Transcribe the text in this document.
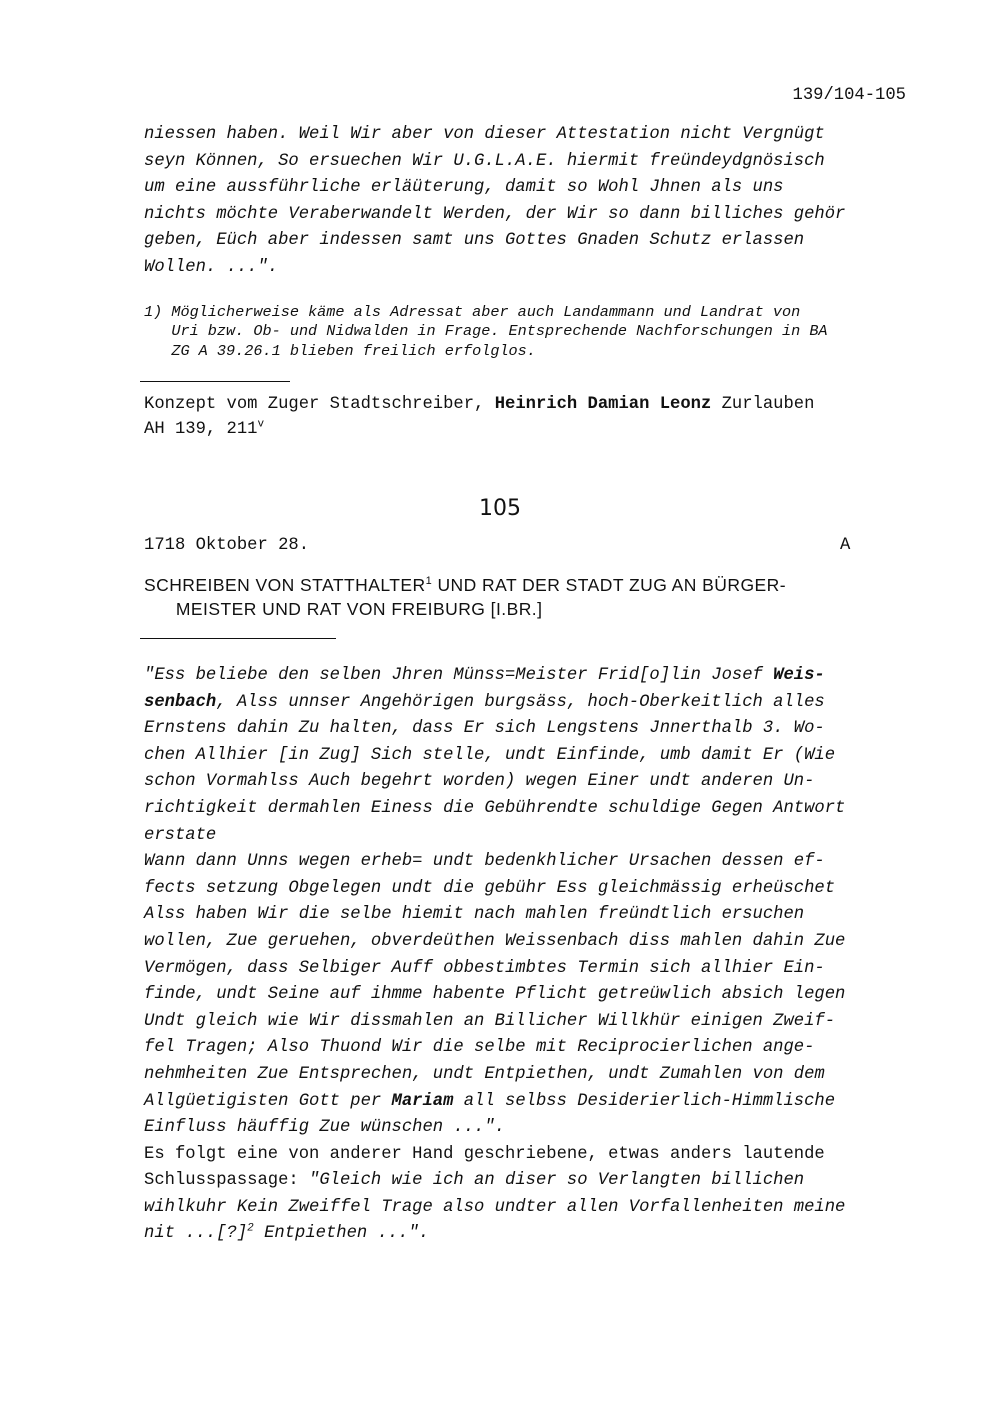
139/104-105
niessen haben. Weil Wir aber von dieser Attestation nicht Vergnügt
seyn Können, So ersuechen Wir U.G.L.A.E. hiermit freündeydgnösisch
um eine aussführliche erläüterung, damit so Wohl Jhnen als uns
nichts möchte Veraberwandelt Werden, der Wir so dann billiches gehör
geben, Eüch aber indessen samt uns Gottes Gnaden Schutz erlassen
Wollen. ...".
1) Möglicherweise käme als Adressat aber auch Landammann und Landrat von
Uri bzw. Ob- und Nidwalden in Frage. Entsprechende Nachforschungen in BA
ZG A 39.26.1 blieben freilich erfolglos.
Konzept vom Zuger Stadtschreiber, Heinrich Damian Leonz Zurlauben
AH 139, 211$^v$
105
1718 Oktober 28.	A
SCHREIBEN VON STATTHALTER$^1$ UND RAT DER STADT ZUG AN BÜRGER-
MEISTER UND RAT VON FREIBURG [I.BR.]
"Ess beliebe den selben Jhren Münss=Meister Frid[o]lin Josef Weis-
senbach, Alss unnser Angehörigen burgsäss, hoch-Oberkeitlich alles
Ernstens dahin Zu halten, dass Er sich Lengstens Jnnerthalb 3. Wo-
chen Allhier [in Zug] Sich stelle, undt Einfinde, umb damit Er (Wie
schon Vormahlss Auch begehrt worden) wegen Einer undt anderen Un-
richtigkeit dermahlen Einess die Gebührendte schuldige Gegen Antwort
erstate
Wann dann Unns wegen erheb= undt bedenkhlicher Ursachen dessen ef-
fects setzung Obgelegen undt die gebühr Ess gleichmässig erheüschet
Alss haben Wir die selbe hiemit nach mahlen freündtlich ersuchen
wollen, Zue geruehen, obverdeüthen Weissenbach diss mahlen dahin Zue
Vermögen, dass Selbiger Auff obbestimbtes Termin sich allhier Ein-
finde, undt Seine auf ihmme habente Pflicht getreüwlich absich legen
Undt gleich wie Wir dissmahlen an Billicher Willkhür einigen Zweif-
fel Tragen; Also Thuond Wir die selbe mit Reciprocierlichen ange-
nehmheiten Zue Entsprechen, undt Entpiethen, undt Zumahlen von dem
Allgüetigisten Gott per Mariam all selbss Desiderierlich-Himmlische
Einfluss häuffig Zue wünschen ...".
Es folgt eine von anderer Hand geschriebene, etwas anders lautende
Schlusspassage: "Gleich wie ich an diser so Verlangten billichen
wihlkuhr Kein Zweiffel Trage also undter allen Vorfallenheiten meine
nit ...[?]$^2$ Entpiethen ...".
